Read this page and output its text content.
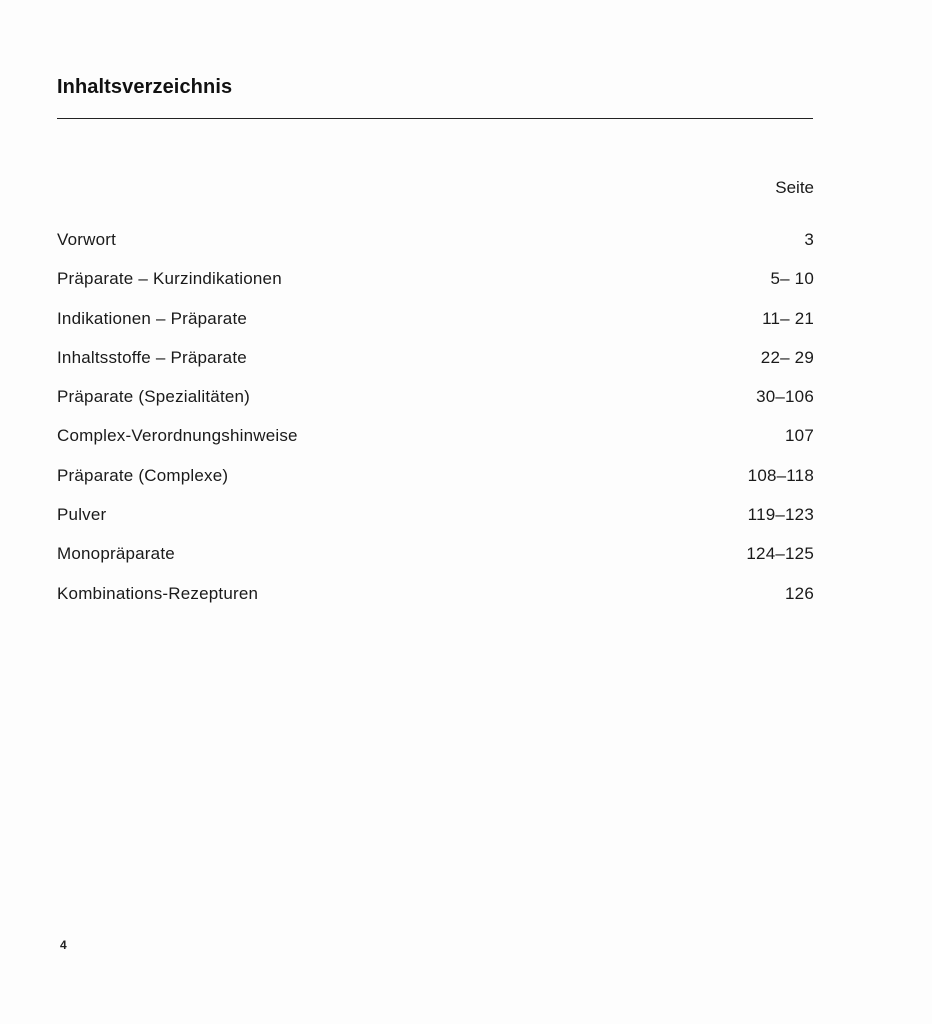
Inhaltsverzeichnis
Seite
Vorwort	3
Präparate – Kurzindikationen	5– 10
Indikationen – Präparate	11– 21
Inhaltsstoffe – Präparate	22– 29
Präparate (Spezialitäten)	30–106
Complex-Verordnungshinweise	107
Präparate (Complexe)	108–118
Pulver	119–123
Monopräparate	124–125
Kombinations-Rezepturen	126
4
